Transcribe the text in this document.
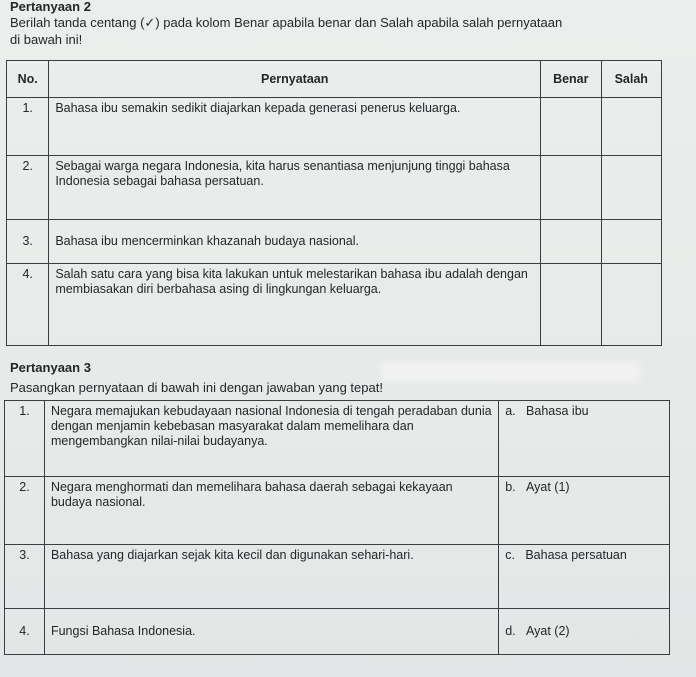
Pertanyaan 2
Berilah tanda centang (✓) pada kolom Benar apabila benar dan Salah apabila salah pernyataan
di bawah ini!
No.	Pernyataan	Benar	Salah
1.	Bahasa ibu semakin sedikit diajarkan kepada generasi penerus keluarga.		
2.	Sebagai warga negara Indonesia, kita harus senantiasa menjunjung tinggi bahasa Indonesia sebagai bahasa persatuan.		
3.	Bahasa ibu mencerminkan khazanah budaya nasional.		
4.	Salah satu cara yang bisa kita lakukan untuk melestarikan bahasa ibu adalah dengan membiasakan diri berbahasa asing di lingkungan keluarga.		
Pertanyaan 3
Pasangkan pernyataan di bawah ini dengan jawaban yang tepat!
1.	Negara memajukan kebudayaan nasional Indonesia di tengah peradaban dunia dengan menjamin kebebasan masyarakat dalam memelihara dan mengembangkan nilai-nilai budayanya.	a. Bahasa ibu
2.	Negara menghormati dan memelihara bahasa daerah sebagai kekayaan budaya nasional.	b. Ayat (1)
3.	Bahasa yang diajarkan sejak kita kecil dan digunakan sehari-hari.	c. Bahasa persatuan
4.	Fungsi Bahasa Indonesia.	d. Ayat (2)
